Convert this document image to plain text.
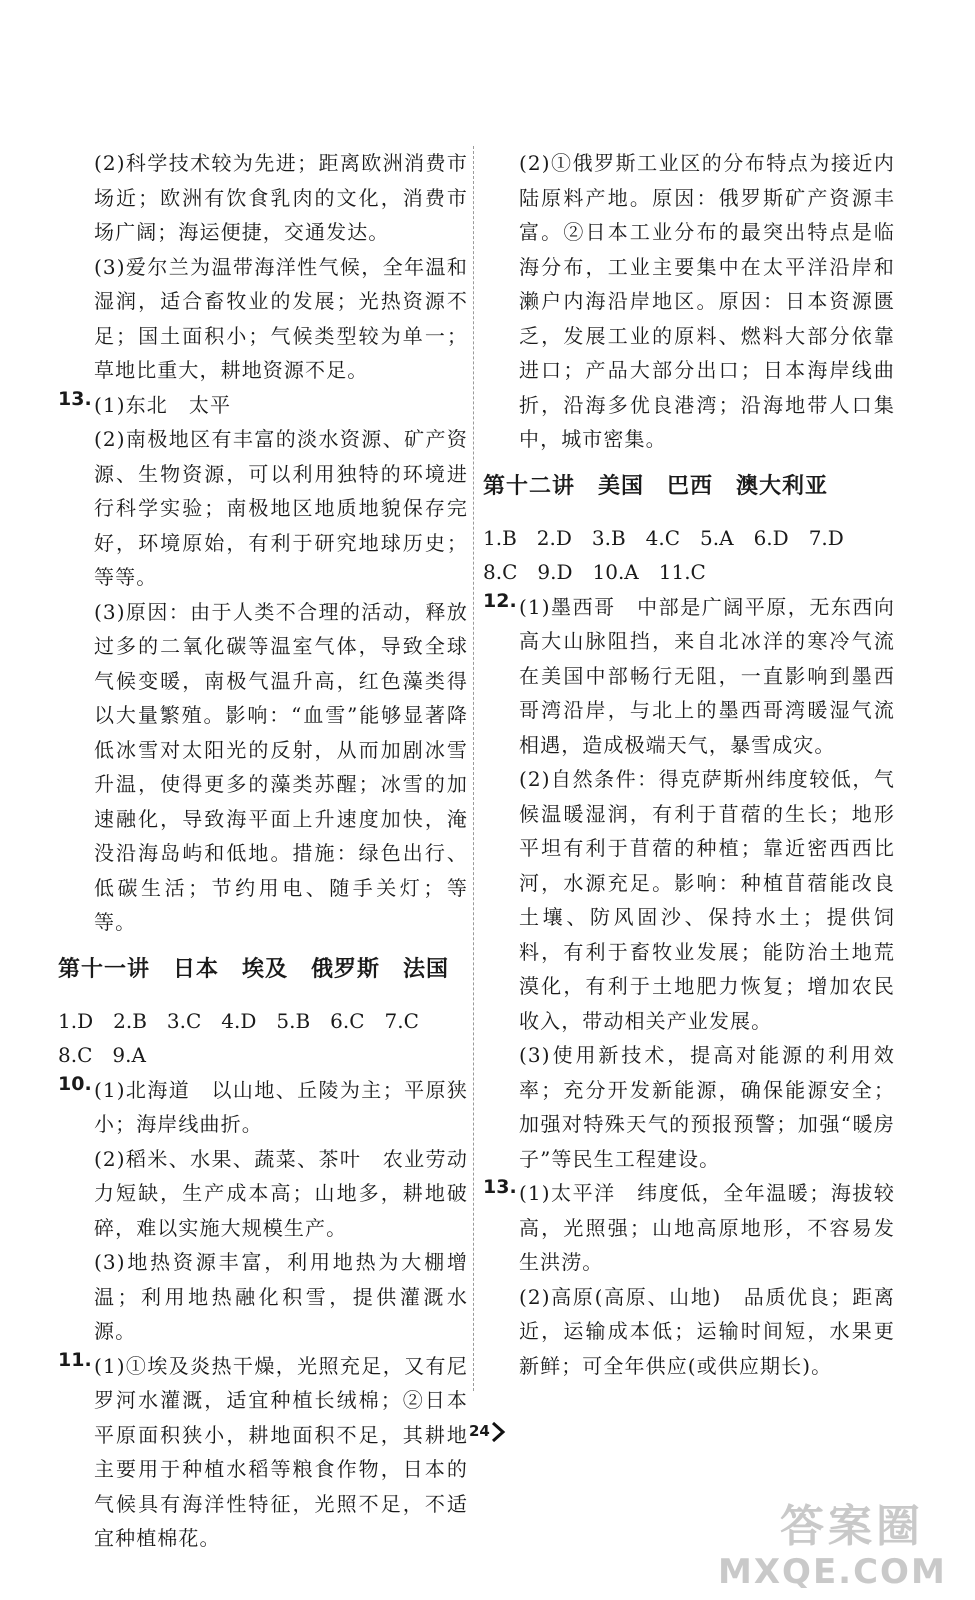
(2)科学技术较为先进；距离欧洲消费市场近；欧洲有饮食乳肉的文化，消费市场广阔；海运便捷，交通发达。
(3)爱尔兰为温带海洋性气候，全年温和湿润，适合畜牧业的发展；光热资源不足；国土面积小；气候类型较为单一；草地比重大，耕地资源不足。
13. (1)东北　太平
(2)南极地区有丰富的淡水资源、矿产资源、生物资源，可以利用独特的环境进行科学实验；南极地区地质地貌保存完好，环境原始，有利于研究地球历史；等等。
(3)原因：由于人类不合理的活动，释放过多的二氧化碳等温室气体，导致全球气候变暖，南极气温升高，红色藻类得以大量繁殖。影响：“血雪”能够显著降低冰雪对太阳光的反射，从而加剧冰雪升温，使得更多的藻类苏醒；冰雪的加速融化，导致海平面上升速度加快，淹没沿海岛屿和低地。措施：绿色出行、低碳生活；节约用电、随手关灯；等等。
第十一讲　日本　埃及　俄罗斯　法国
1.D　2.B　3.C　4.D　5.B　6.C　7.C
8.C　9.A
10. (1)北海道　以山地、丘陵为主；平原狭小；海岸线曲折。
(2)稻米、水果、蔬菜、茶叶　农业劳动力短缺，生产成本高；山地多，耕地破碎，难以实施大规模生产。
(3)地热资源丰富，利用地热为大棚增温；利用地热融化积雪，提供灌溉水源。
11. (1)①埃及炎热干燥，光照充足，又有尼罗河水灌溉，适宜种植长绒棉；②日本平原面积狭小，耕地面积不足，其耕地主要用于种植水稻等粮食作物，日本的气候具有海洋性特征，光照不足，不适宜种植棉花。
(2)①俄罗斯工业区的分布特点为接近内陆原料产地。原因：俄罗斯矿产资源丰富。②日本工业分布的最突出特点是临海分布，工业主要集中在太平洋沿岸和濑户内海沿岸地区。原因：日本资源匮乏，发展工业的原料、燃料大部分依靠进口；产品大部分出口；日本海岸线曲折，沿海多优良港湾；沿海地带人口集中，城市密集。
第十二讲　美国　巴西　澳大利亚
1.B　2.D　3.B　4.C　5.A　6.D　7.D
8.C　9.D　10.A　11.C
12. (1)墨西哥　中部是广阔平原，无东西向高大山脉阻挡，来自北冰洋的寒冷气流在美国中部畅行无阻，一直影响到墨西哥湾沿岸，与北上的墨西哥湾暖湿气流相遇，造成极端天气，暴雪成灾。
(2)自然条件：得克萨斯州纬度较低，气候温暖湿润，有利于苜蓿的生长；地形平坦有利于苜蓿的种植；靠近密西西比河，水源充足。影响：种植苜蓿能改良土壤、防风固沙、保持水土；提供饲料，有利于畜牧业发展；能防治土地荒漠化，有利于土地肥力恢复；增加农民收入，带动相关产业发展。
(3)使用新技术，提高对能源的利用效率；充分开发新能源，确保能源安全；加强对特殊天气的预报预警；加强“暖房子”等民生工程建设。
13. (1)太平洋　纬度低，全年温暖；海拔较高，光照强；山地高原地形，不容易发生洪涝。
(2)高原(高原、山地)　品质优良；距离近，运输成本低；运输时间短，水果更新鲜；可全年供应(或供应期长)。
24
答案圈
MXQE.COM
